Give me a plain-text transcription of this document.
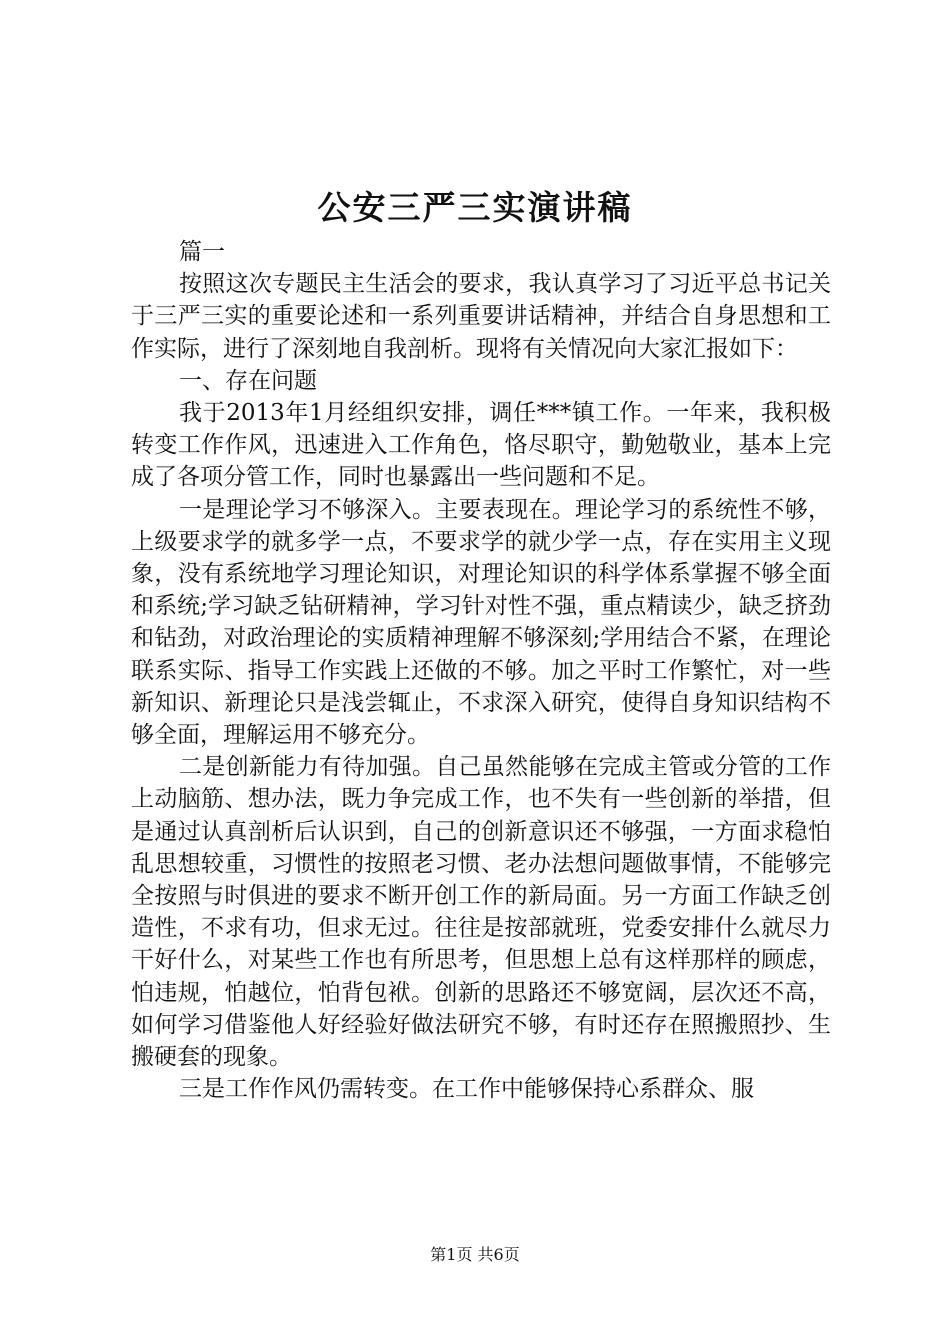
公安三严三实演讲稿

篇一

按照这次专题民主生活会的要求，我认真学习了习近平总书记关于三严三实的重要论述和一系列重要讲话精神，并结合自身思想和工作实际，进行了深刻地自我剖析。现将有关情况向大家汇报如下：

一、存在问题

我于2013年1月经组织安排，调任***镇工作。一年来，我积极转变工作作风，迅速进入工作角色，恪尽职守，勤勉敬业，基本上完成了各项分管工作，同时也暴露出一些问题和不足。

一是理论学习不够深入。主要表现在。理论学习的系统性不够，上级要求学的就多学一点，不要求学的就少学一点，存在实用主义现象，没有系统地学习理论知识，对理论知识的科学体系掌握不够全面和系统;学习缺乏钻研精神，学习针对性不强，重点精读少，缺乏挤劲和钻劲，对政治理论的实质精神理解不够深刻;学用结合不紧，在理论联系实际、指导工作实践上还做的不够。加之平时工作繁忙，对一些新知识、新理论只是浅尝辄止，不求深入研究，使得自身知识结构不够全面，理解运用不够充分。

二是创新能力有待加强。自己虽然能够在完成主管或分管的工作上动脑筋、想办法，既力争完成工作，也不失有一些创新的举措，但是通过认真剖析后认识到，自己的创新意识还不够强，一方面求稳怕乱思想较重，习惯性的按照老习惯、老办法想问题做事情，不能够完全按照与时俱进的要求不断开创工作的新局面。另一方面工作缺乏创造性，不求有功，但求无过。往往是按部就班，党委安排什么就尽力干好什么，对某些工作也有所思考，但思想上总有这样那样的顾虑，怕违规，怕越位，怕背包袱。创新的思路还不够宽阔，层次还不高，如何学习借鉴他人好经验好做法研究不够，有时还存在照搬照抄、生搬硬套的现象。

三是工作作风仍需转变。在工作中能够保持心系群众、服

第1页 共6页
